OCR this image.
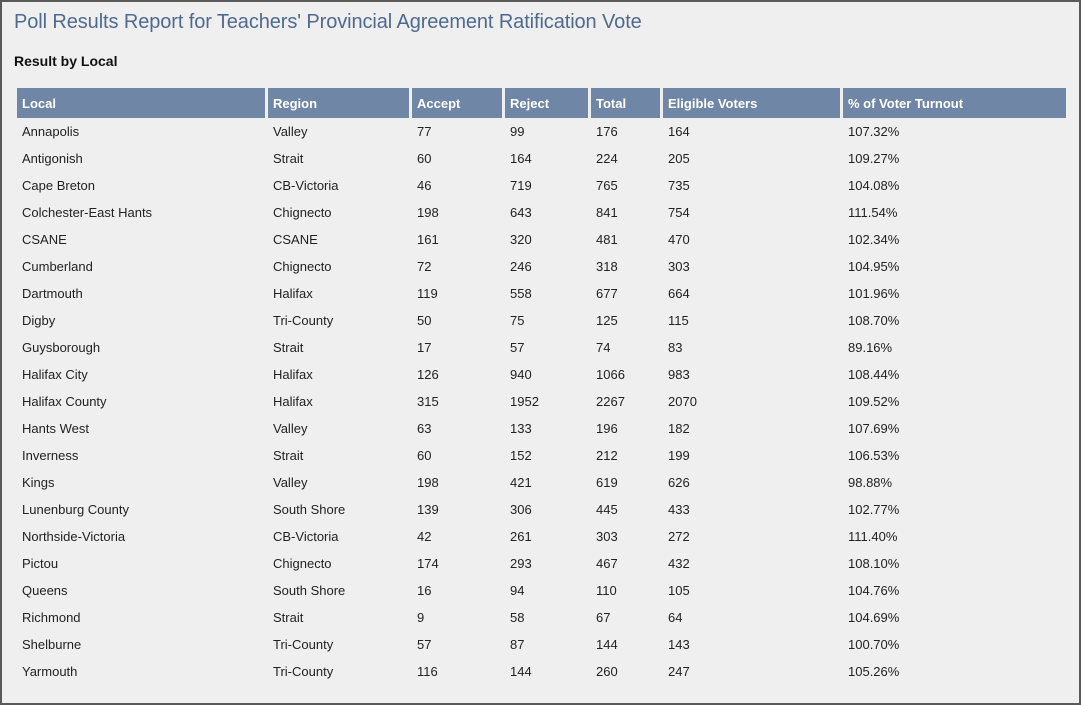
Poll Results Report for Teachers' Provincial Agreement Ratification Vote
Result by Local
Local	Region	Accept	Reject	Total	Eligible Voters	% of Voter Turnout
Annapolis	Valley	77	99	176	164	107.32%
Antigonish	Strait	60	164	224	205	109.27%
Cape Breton	CB-Victoria	46	719	765	735	104.08%
Colchester-East Hants	Chignecto	198	643	841	754	111.54%
CSANE	CSANE	161	320	481	470	102.34%
Cumberland	Chignecto	72	246	318	303	104.95%
Dartmouth	Halifax	119	558	677	664	101.96%
Digby	Tri-County	50	75	125	115	108.70%
Guysborough	Strait	17	57	74	83	89.16%
Halifax City	Halifax	126	940	1066	983	108.44%
Halifax County	Halifax	315	1952	2267	2070	109.52%
Hants West	Valley	63	133	196	182	107.69%
Inverness	Strait	60	152	212	199	106.53%
Kings	Valley	198	421	619	626	98.88%
Lunenburg County	South Shore	139	306	445	433	102.77%
Northside-Victoria	CB-Victoria	42	261	303	272	111.40%
Pictou	Chignecto	174	293	467	432	108.10%
Queens	South Shore	16	94	110	105	104.76%
Richmond	Strait	9	58	67	64	104.69%
Shelburne	Tri-County	57	87	144	143	100.70%
Yarmouth	Tri-County	116	144	260	247	105.26%
